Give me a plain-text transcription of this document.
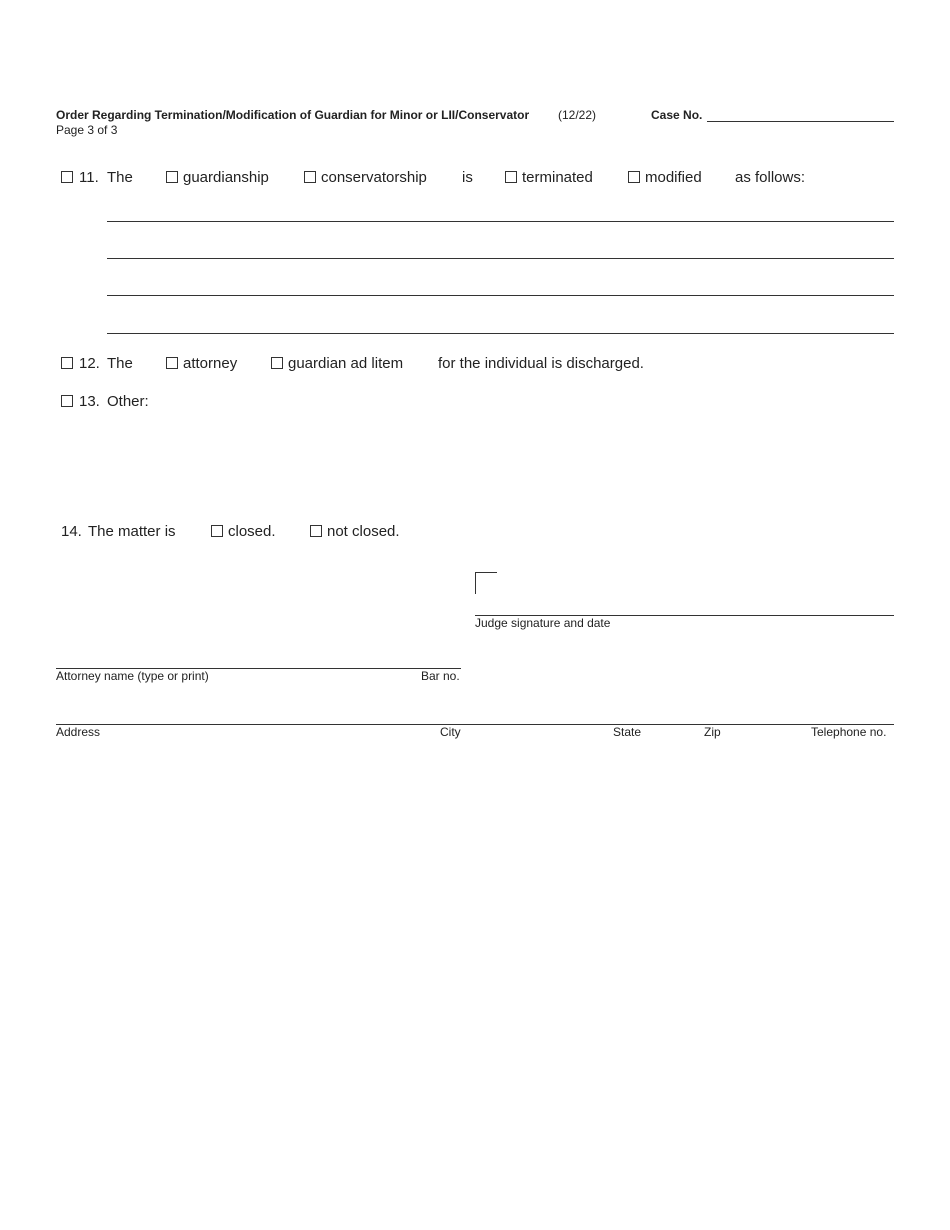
Order Regarding Termination/Modification of Guardian for Minor or LII/Conservator (12/22)	Case No.
Page 3 of 3
11. The	guardianship	conservatorship is	terminated	modified as follows:
12. The	attorney	guardian ad litem for the individual is discharged.
13. Other:
14. The matter is	closed.	not closed.
Judge signature and date
Attorney name (type or print)	Bar no.
Address	City	State	Zip	Telephone no.
